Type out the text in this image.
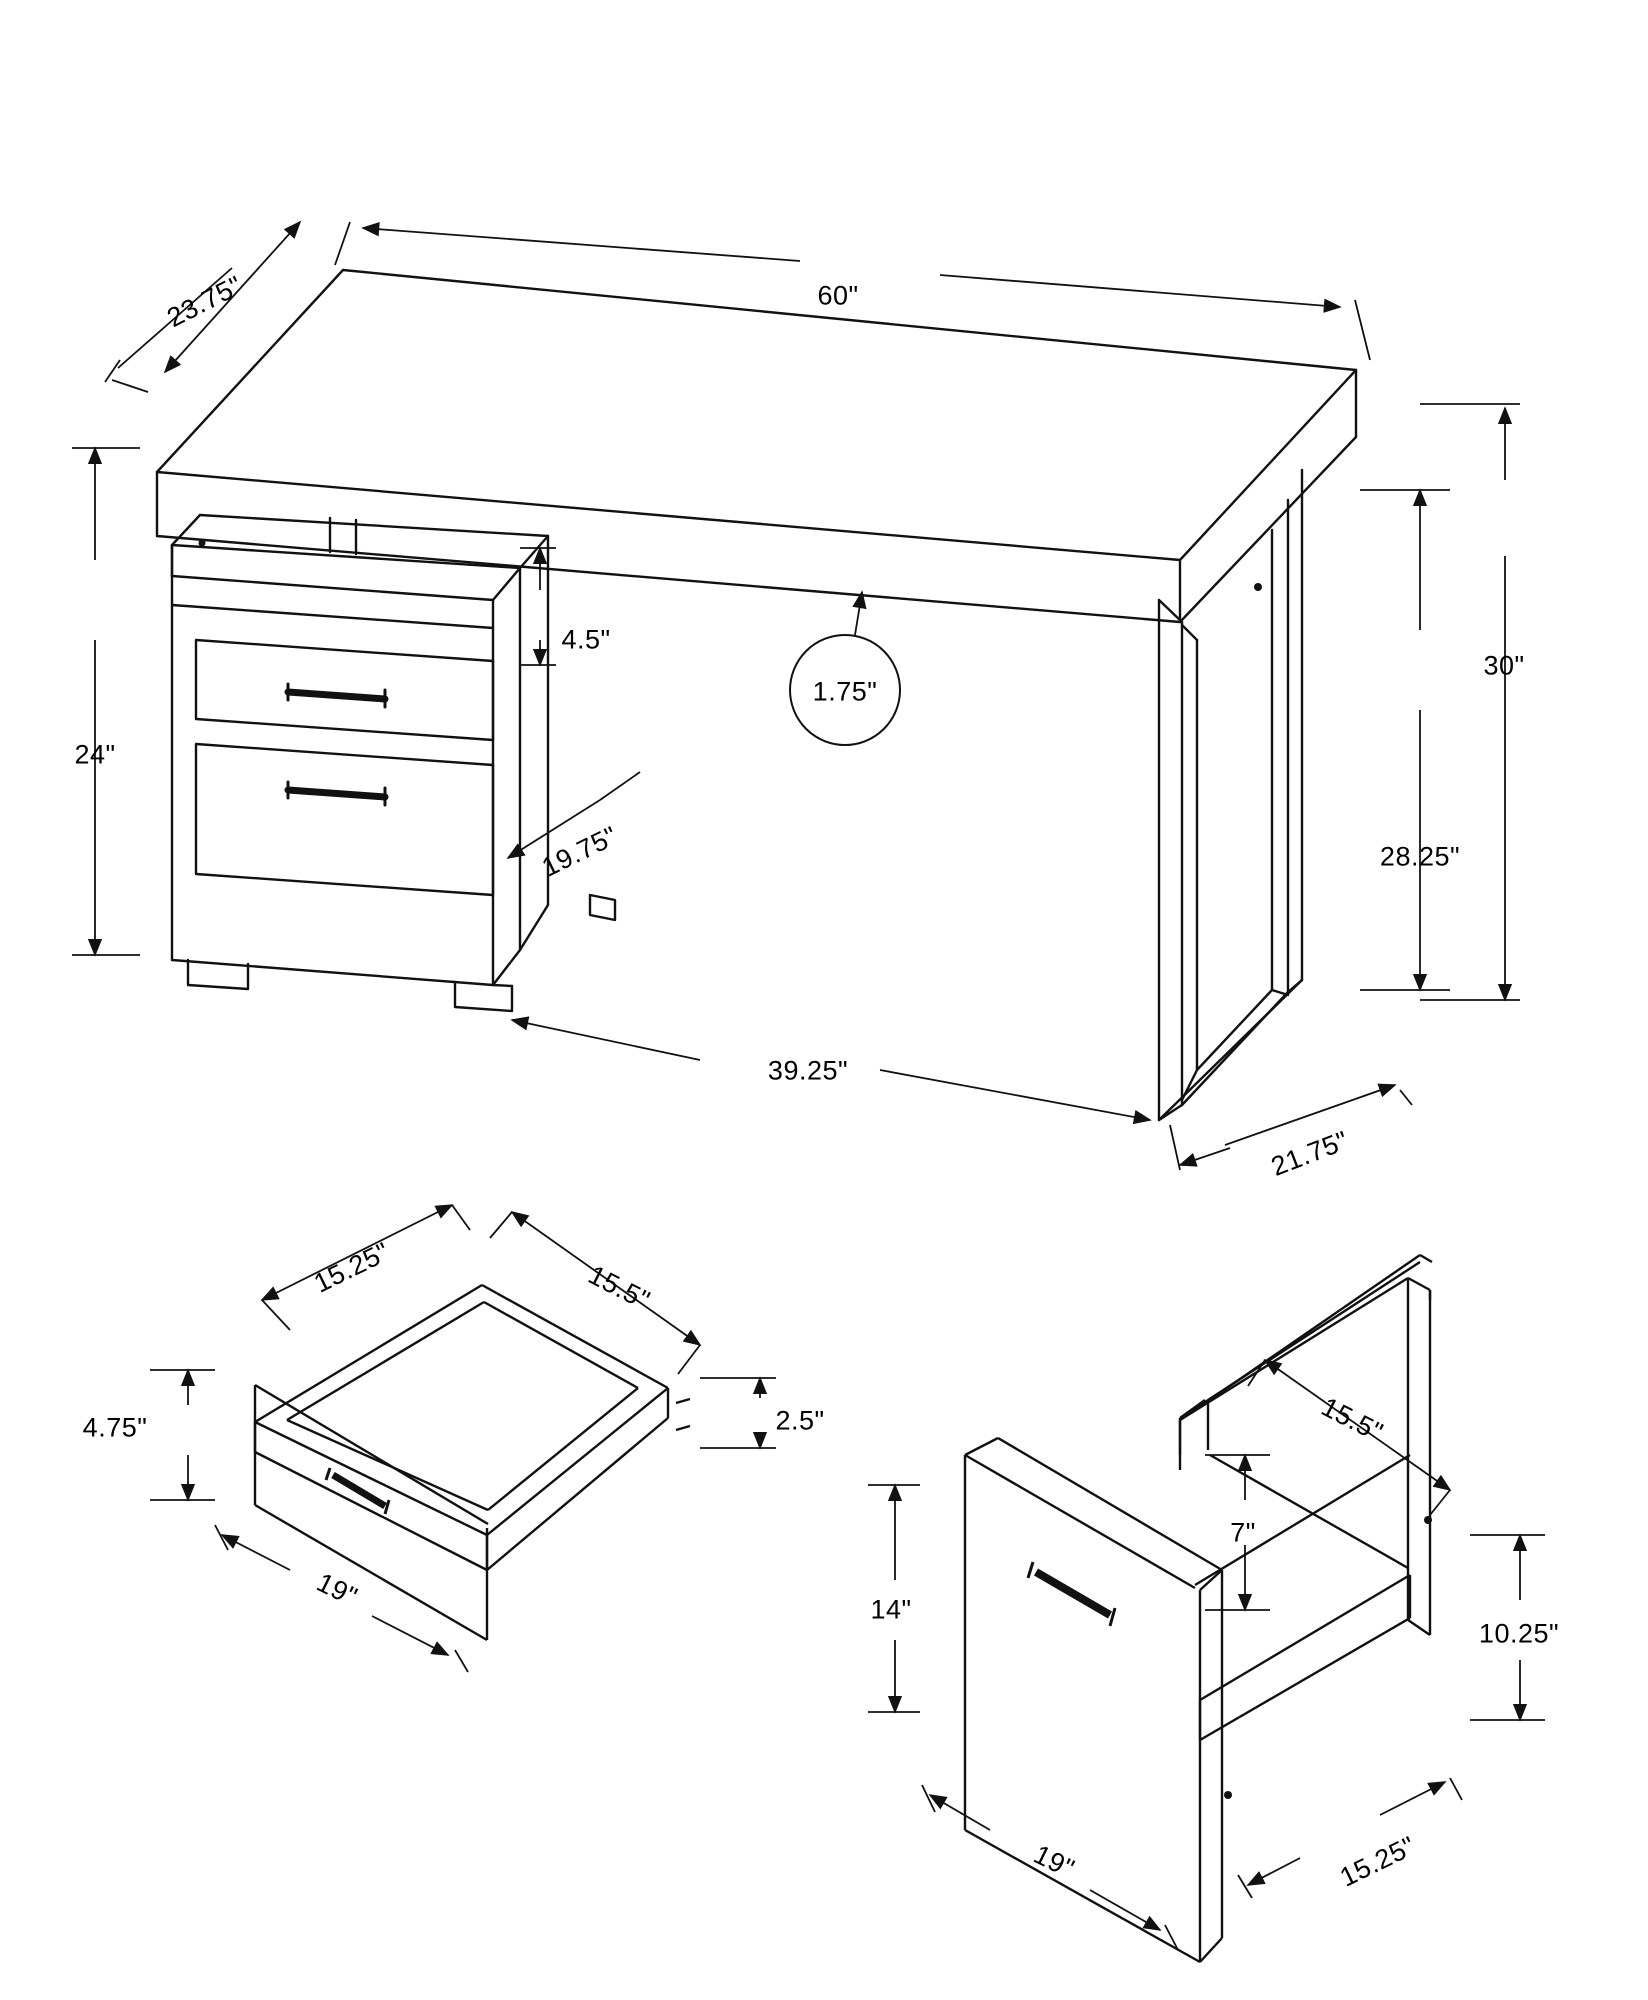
60"
23.75"
30"
28.25"
24"
4.5"
1.75"
19.75"
39.25"
21.75"
15.25"	15.5"
4.75"	2.5"
19"
15.5"
7"
14"
10.25"
19"	15.25"
